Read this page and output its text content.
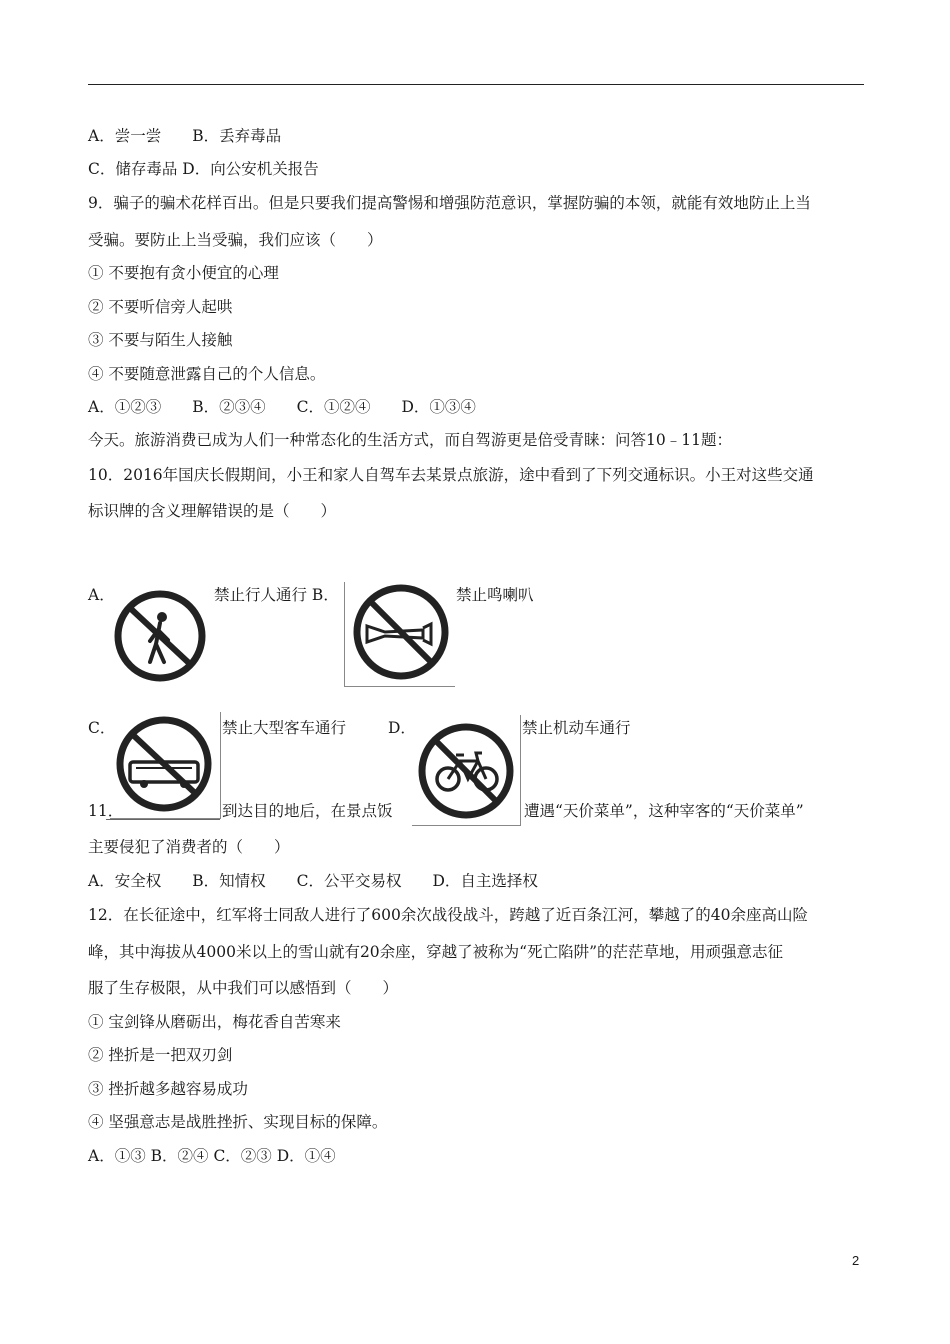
A．尝一尝　　B．丢弃毒品
C．储存毒品 D．向公安机关报告
9．骗子的骗术花样百出。但是只要我们提高警惕和增强防范意识，掌握防骗的本领，就能有效地防止上当
受骗。要防止上当受骗，我们应该（　　）
① 不要抱有贪小便宜的心理
② 不要听信旁人起哄
③ 不要与陌生人接触
④ 不要随意泄露自己的个人信息。
A．①②③　　B．②③④　　C．①②④　　D．①③④
今天。旅游消费已成为人们一种常态化的生活方式，而自驾游更是倍受青睐：问答10﹣11题：
10．2016年国庆长假期间，小王和家人自驾车去某景点旅游，途中看到了下列交通标识。小王对这些交通
标识牌的含义理解错误的是（　　）
A．	禁止行人通行 B．	禁止鸣喇叭
C．	禁止大型客车通行	D．	禁止机动车通行
11．	到达目的地后，在景点饭	遭遇“天价菜单”，这种宰客的“天价菜单”
主要侵犯了消费者的（　　）
A．安全权　　B．知情权　　C．公平交易权　　D．自主选择权
12．在长征途中，红军将士同敌人进行了600余次战役战斗，跨越了近百条江河，攀越了的40余座高山险
峰，其中海拔从4000米以上的雪山就有20余座，穿越了被称为“死亡陷阱”的茫茫草地，用顽强意志征
服了生存极限，从中我们可以感悟到（　　）
① 宝剑锋从磨砺出，梅花香自苦寒来
② 挫折是一把双刃剑
③ 挫折越多越容易成功
④ 坚强意志是战胜挫折、实现目标的保障。
A．①③ B．②④ C．②③ D．①④
2
